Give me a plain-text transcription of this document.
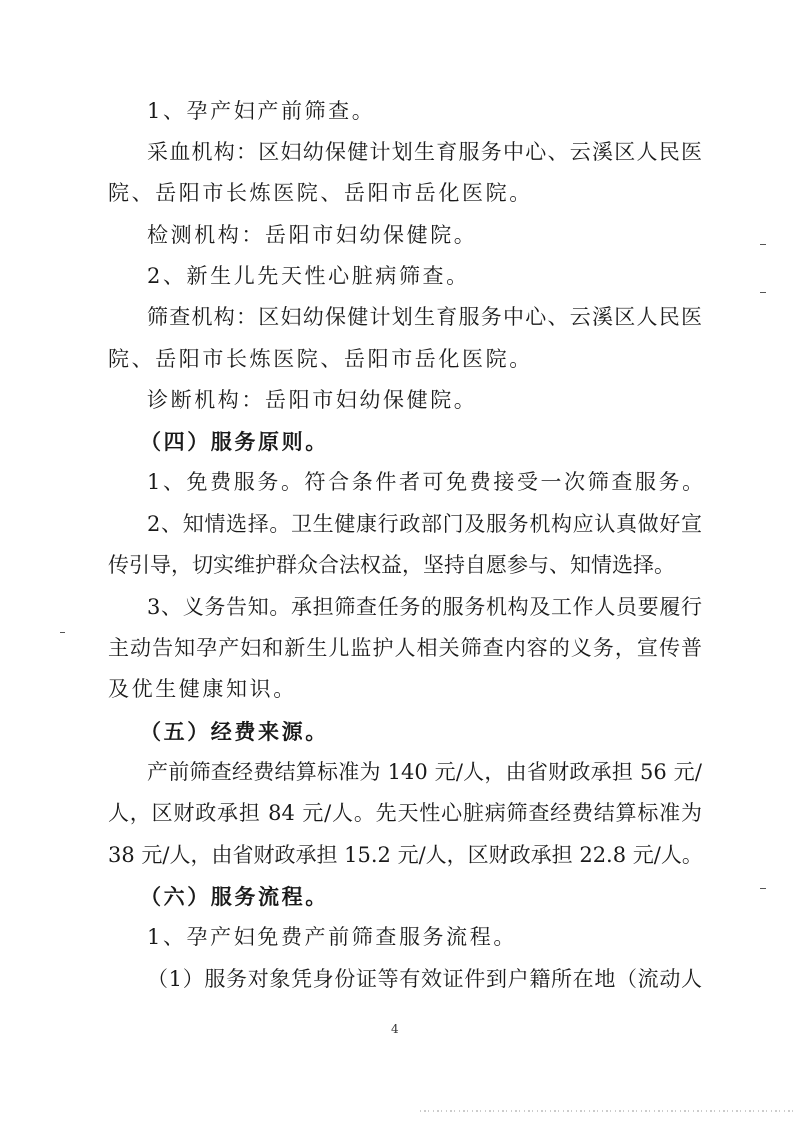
1、孕产妇产前筛查。
采血机构：区妇幼保健计划生育服务中心、云溪区人民医
院、岳阳市长炼医院、岳阳市岳化医院。
检测机构：岳阳市妇幼保健院。
2、新生儿先天性心脏病筛查。
筛查机构：区妇幼保健计划生育服务中心、云溪区人民医
院、岳阳市长炼医院、岳阳市岳化医院。
诊断机构：岳阳市妇幼保健院。
（四）服务原则。
1、免费服务。符合条件者可免费接受一次筛查服务。
2、知情选择。卫生健康行政部门及服务机构应认真做好宣
传引导，切实维护群众合法权益，坚持自愿参与、知情选择。
3、义务告知。承担筛查任务的服务机构及工作人员要履行
主动告知孕产妇和新生儿监护人相关筛查内容的义务，宣传普
及优生健康知识。
（五）经费来源。
产前筛查经费结算标准为 140 元/人，由省财政承担 56 元/
人，区财政承担 84 元/人。先天性心脏病筛查经费结算标准为
38 元/人，由省财政承担 15.2 元/人，区财政承担 22.8 元/人。
（六）服务流程。
1、孕产妇免费产前筛查服务流程。
（1）服务对象凭身份证等有效证件到户籍所在地（流动人
4
